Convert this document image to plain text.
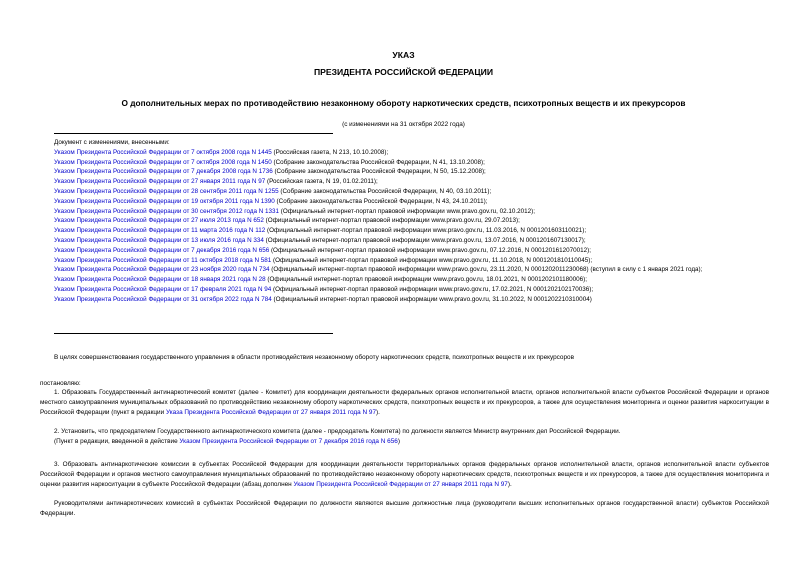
УКАЗ
ПРЕЗИДЕНТА РОССИЙСКОЙ ФЕДЕРАЦИИ
О дополнительных мерах по противодействию незаконному обороту наркотических средств, психотропных веществ и их прекурсоров
(с изменениями на 31 октября 2022 года)
Документ с изменениями, внесенными:
Указом Президента Российской Федерации от 7 октября 2008 года N 1445 (Российская газета, N 213, 10.10.2008);
Указом Президента Российской Федерации от 7 октября 2008 года N 1450 (Собрание законодательства Российской Федерации, N 41, 13.10.2008);
Указом Президента Российской Федерации от 7 декабря 2008 года N 1736 (Собрание законодательства Российской Федерации, N 50, 15.12.2008);
Указом Президента Российской Федерации от 27 января 2011 года N 97 (Российская газета, N 19, 01.02.2011);
Указом Президента Российской Федерации от 28 сентября 2011 года N 1255 (Собрание законодательства Российской Федерации, N 40, 03.10.2011);
Указом Президента Российской Федерации от 19 октября 2011 года N 1390 (Собрание законодательства Российской Федерации, N 43, 24.10.2011);
Указом Президента Российской Федерации от 30 сентября 2012 года N 1331 (Официальный интернет-портал правовой информации www.pravo.gov.ru, 02.10.2012);
Указом Президента Российской Федерации от 27 июля 2013 года N 652 (Официальный интернет-портал правовой информации www.pravo.gov.ru, 29.07.2013);
Указом Президента Российской Федерации от 11 марта 2016 года N 112 (Официальный интернет-портал правовой информации www.pravo.gov.ru, 11.03.2016, N 0001201603110021);
Указом Президента Российской Федерации от 13 июля 2016 года N 334 (Официальный интернет-портал правовой информации www.pravo.gov.ru, 13.07.2016, N 0001201607130017);
Указом Президента Российской Федерации от 7 декабря 2016 года N 656 (Официальный интернет-портал правовой информации www.pravo.gov.ru, 07.12.2016, N 0001201612070012);
Указом Президента Российской Федерации от 11 октября 2018 года N 581 (Официальный интернет-портал правовой информации www.pravo.gov.ru, 11.10.2018, N 0001201810110045);
Указом Президента Российской Федерации от 23 ноября 2020 года N 734 (Официальный интернет-портал правовой информации www.pravo.gov.ru, 23.11.2020, N 0001202011230068) (вступил в силу с 1 января 2021 года);
Указом Президента Российской Федерации от 18 января 2021 года N 28 (Официальный интернет-портал правовой информации www.pravo.gov.ru, 18.01.2021, N 0001202101180006);
Указом Президента Российской Федерации от 17 февраля 2021 года N 94 (Официальный интернет-портал правовой информации www.pravo.gov.ru, 17.02.2021, N 0001202102170036);
Указом Президента Российской Федерации от 31 октября 2022 года N 784 (Официальный интернет-портал правовой информации www.pravo.gov.ru, 31.10.2022, N 0001202210310004)
В целях совершенствования государственного управления в области противодействия незаконному обороту наркотических средств, психотропных веществ и их прекурсоров
постановляю:
1. Образовать Государственный антинаркотический комитет (далее - Комитет) для координации деятельности федеральных органов исполнительной власти, органов исполнительной власти субъектов Российской Федерации и органов местного самоуправления муниципальных образований по противодействию незаконному обороту наркотических средств, психотропных веществ и их прекурсоров, а также для осуществления мониторинга и оценки развития наркоситуации в Российской Федерации (пункт в редакции Указа Президента Российской Федерации от 27 января 2011 года N 97).
2. Установить, что председателем Государственного антинаркотического комитета (далее - председатель Комитета) по должности является Министр внутренних дел Российской Федерации.
(Пункт в редакции, введенной в действие Указом Президента Российской Федерации от 7 декабря 2016 года N 656)
3. Образовать антинаркотические комиссии в субъектах Российской Федерации для координации деятельности территориальных органов федеральных органов исполнительной власти, органов исполнительной власти субъектов Российской Федерации и органов местного самоуправления муниципальных образований по противодействию незаконному обороту наркотических средств, психотропных веществ и их прекурсоров, а также для осуществления мониторинга и оценки развития наркоситуации в субъекте Российской Федерации (абзац дополнен Указом Президента Российской Федерации от 27 января 2011 года N 97).
Руководителями антинаркотических комиссий в субъектах Российской Федерации по должности являются высшие должностные лица (руководители высших исполнительных органов государственной власти) субъектов Российской Федерации.
